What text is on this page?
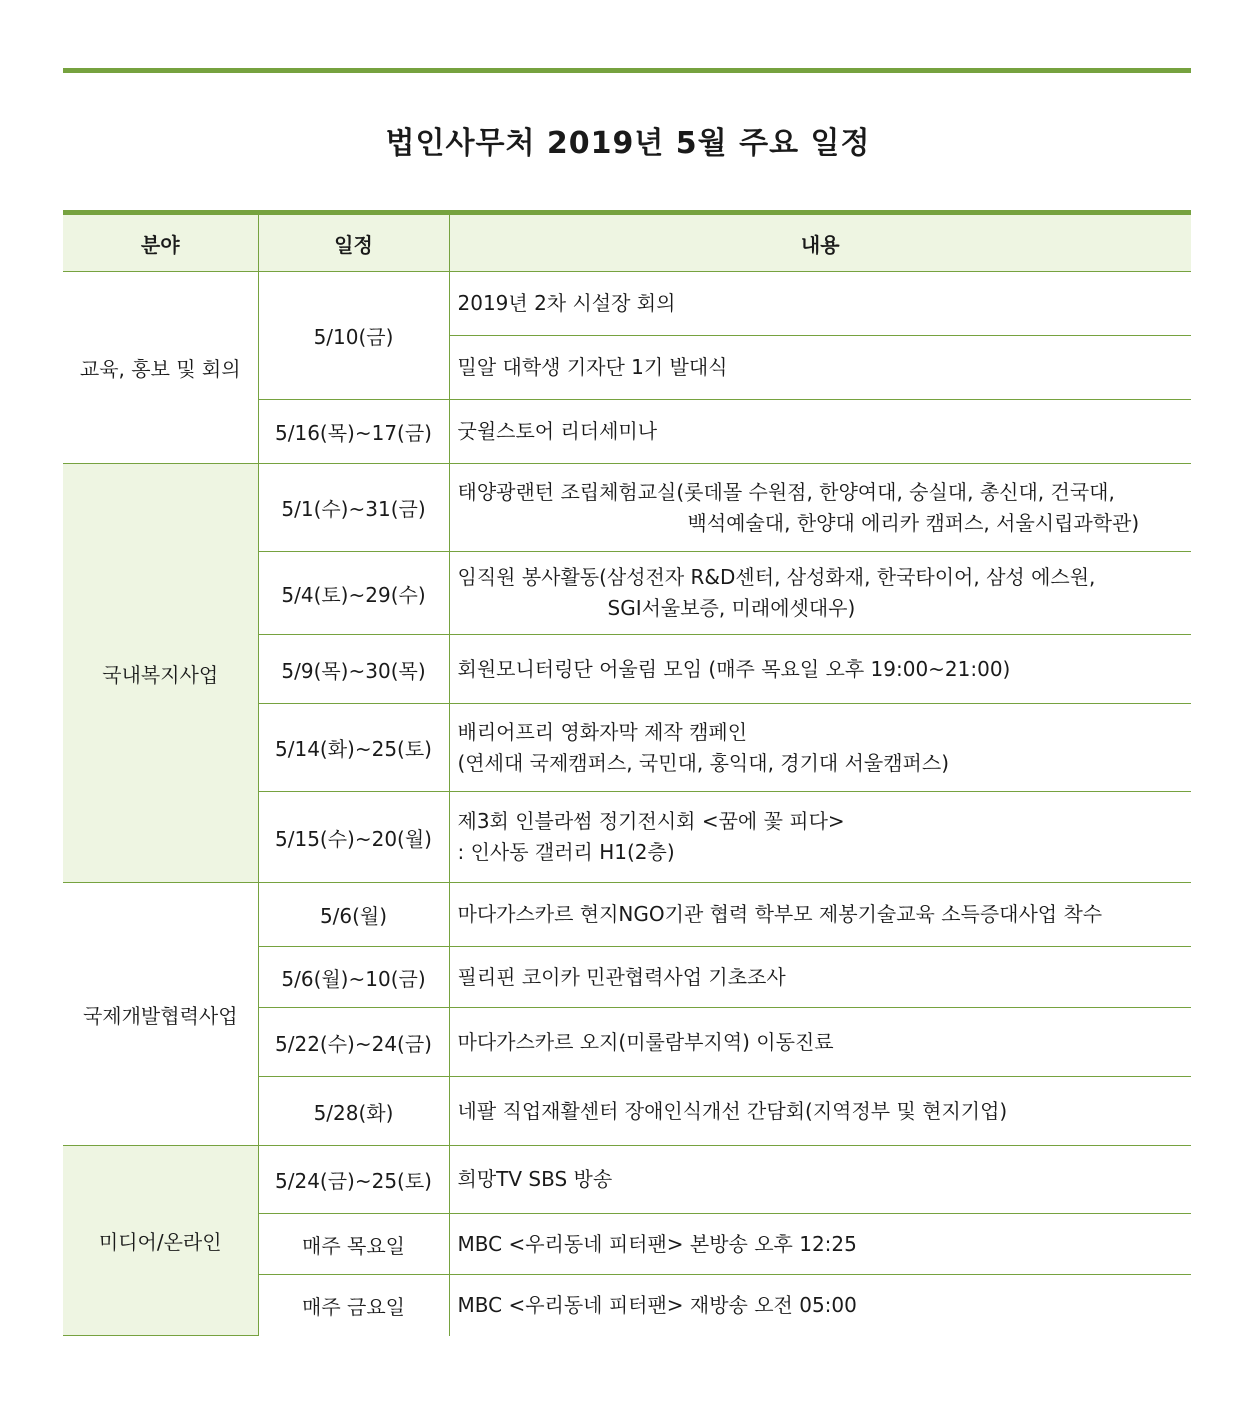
법인사무처 2019년 5월 주요 일정
분야	일정	내용
교육, 홍보 및 회의	5/10(금)	2019년 2차 시설장 회의
		밀알 대학생 기자단 1기 발대식
	5/16(목)~17(금)	굿윌스토어 리더세미나
국내복지사업	5/1(수)~31(금)	태양광랜턴 조립체험교실(롯데몰 수원점, 한양여대, 숭실대, 총신대, 건국대,
백석예술대, 한양대 에리카 캠퍼스, 서울시립과학관)

	5/4(토)~29(수)	임직원 봉사활동(삼성전자 R&D센터, 삼성화재, 한국타이어, 삼성 에스원,
SGI서울보증, 미래에셋대우)

	5/9(목)~30(목)	회원모니터링단 어울림 모임 (매주 목요일 오후 19:00~21:00)
	5/14(화)~25(토)	배리어프리 영화자막 제작 캠페인
(연세대 국제캠퍼스, 국민대, 홍익대, 경기대 서울캠퍼스)

	5/15(수)~20(월)	제3회 인블라썸 정기전시회 <꿈에 꽃 피다>
: 인사동 갤러리 H1(2층)

국제개발협력사업	5/6(월)	마다가스카르 현지NGO기관 협력 학부모 제봉기술교육 소득증대사업 착수
	5/6(월)~10(금)	필리핀 코이카 민관협력사업 기초조사
	5/22(수)~24(금)	마다가스카르 오지(미룰람부지역) 이동진료
	5/28(화)	네팔 직업재활센터 장애인식개선 간담회(지역정부 및 현지기업)
미디어/온라인	5/24(금)~25(토)	희망TV SBS 방송
	매주 목요일	MBC <우리동네 피터팬> 본방송 오후 12:25
	매주 금요일	MBC <우리동네 피터팬> 재방송 오전 05:00
